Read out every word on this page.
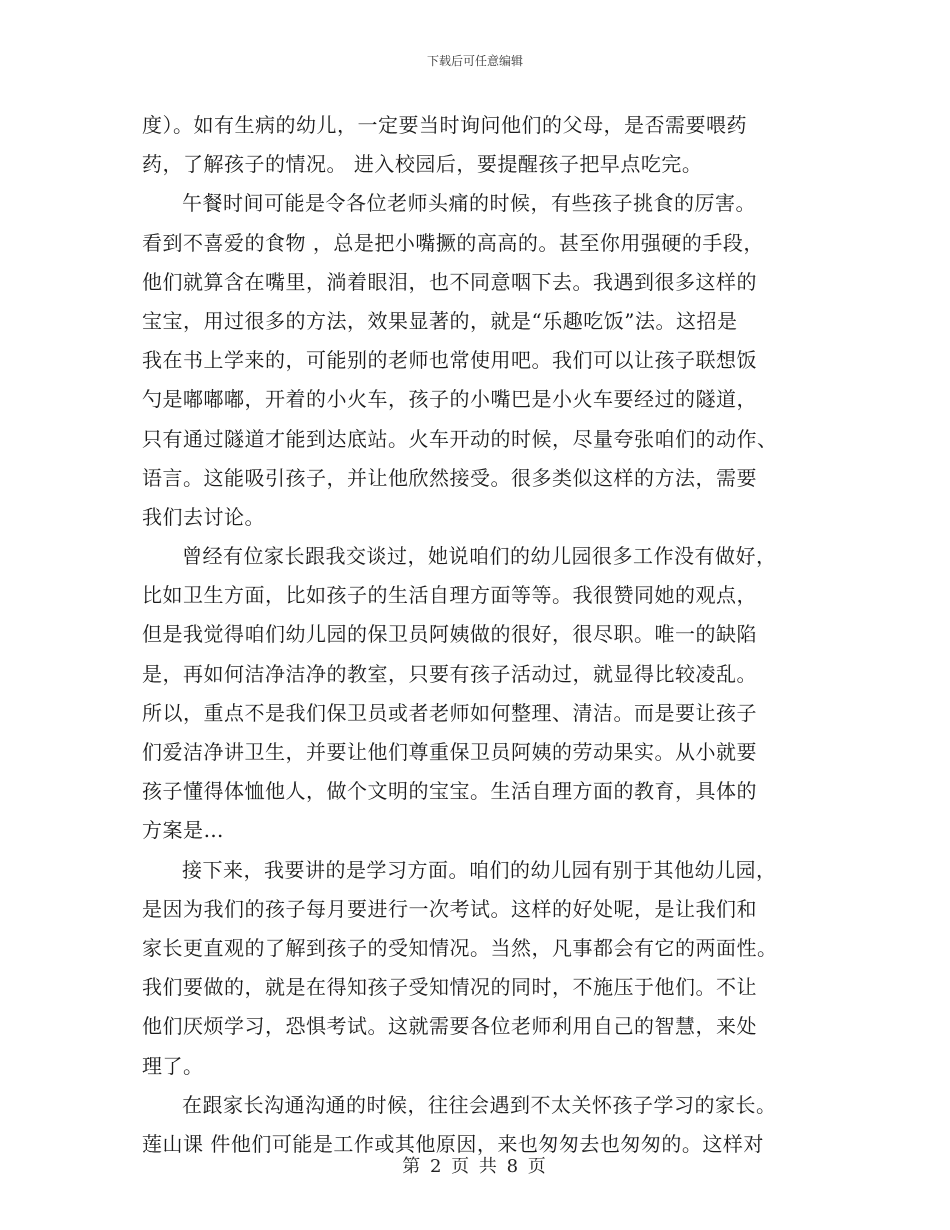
下载后可任意编辑
度）。如有生病的幼儿，一定要当时询问他们的父母，是否需要喂药
药，了解孩子的情况。 进入校园后，要提醒孩子把早点吃完。
午餐时间可能是令各位老师头痛的时候，有些孩子挑食的厉害。
看到不喜爱的食物 ，总是把小嘴撅的高高的。甚至你用强硬的手段，
他们就算含在嘴里，淌着眼泪，也不同意咽下去。我遇到很多这样的
宝宝，用过很多的方法，效果显著的，就是“乐趣吃饭”法。这招是
我在书上学来的，可能别的老师也常使用吧。我们可以让孩子联想饭
勺是嘟嘟嘟，开着的小火车，孩子的小嘴巴是小火车要经过的隧道，
只有通过隧道才能到达底站。火车开动的时候，尽量夸张咱们的动作、
语言。这能吸引孩子，并让他欣然接受。很多类似这样的方法，需要
我们去讨论。
曾经有位家长跟我交谈过，她说咱们的幼儿园很多工作没有做好，
比如卫生方面，比如孩子的生活自理方面等等。我很赞同她的观点，
但是我觉得咱们幼儿园的保卫员阿姨做的很好，很尽职。唯一的缺陷
是，再如何洁净洁净的教室，只要有孩子活动过，就显得比较凌乱。
所以，重点不是我们保卫员或者老师如何整理、清洁。而是要让孩子
们爱洁净讲卫生，并要让他们尊重保卫员阿姨的劳动果实。从小就要
孩子懂得体恤他人，做个文明的宝宝。生活自理方面的教育，具体的
方案是…
接下来，我要讲的是学习方面。咱们的幼儿园有别于其他幼儿园，
是因为我们的孩子每月要进行一次考试。这样的好处呢，是让我们和
家长更直观的了解到孩子的受知情况。当然，凡事都会有它的两面性。
我们要做的，就是在得知孩子受知情况的同时，不施压于他们。不让
他们厌烦学习，恐惧考试。这就需要各位老师利用自己的智慧，来处
理了。
在跟家长沟通沟通的时候，往往会遇到不太关怀孩子学习的家长。
莲山课 件他们可能是工作或其他原因，来也匆匆去也匆匆的。这样对
第 2 页 共 8 页
